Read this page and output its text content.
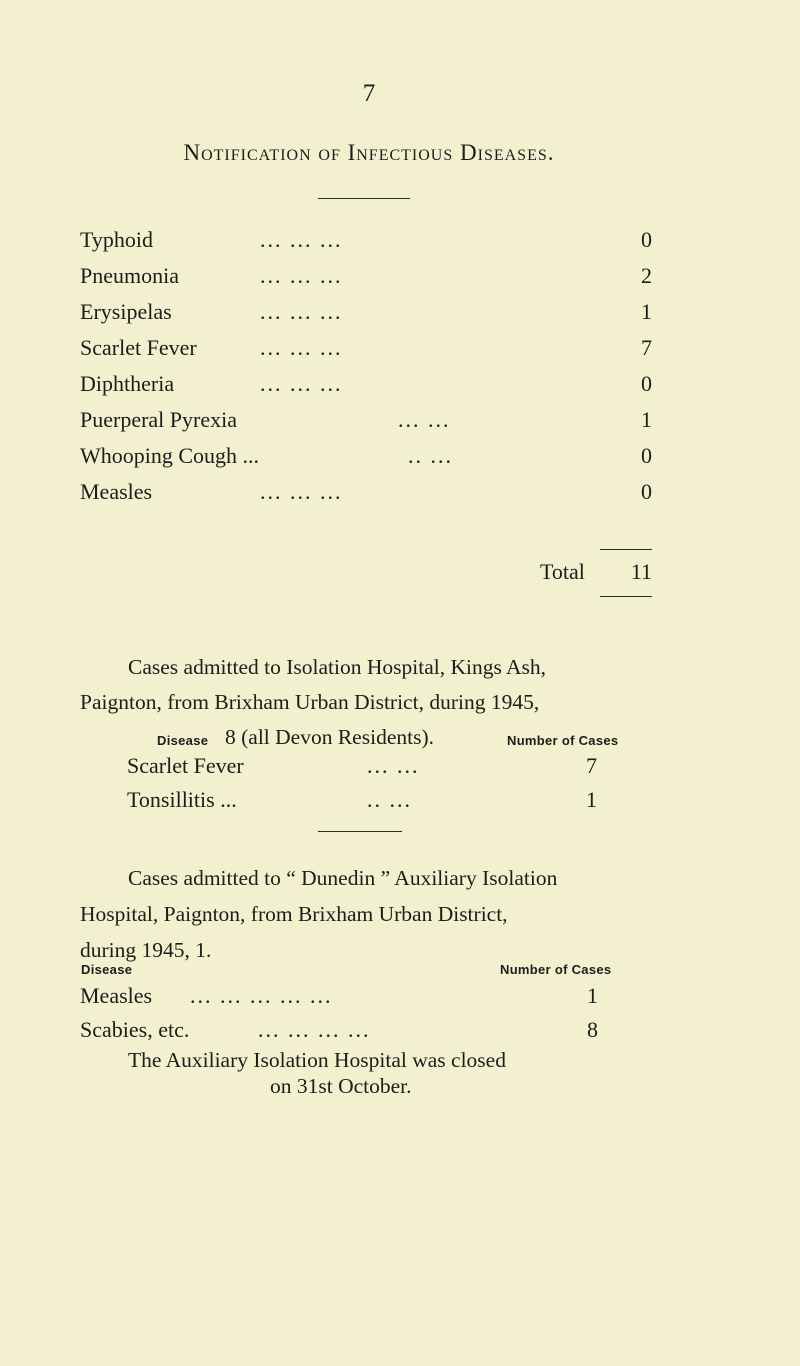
7
Notification of Infectious Diseases.
Typhoid	... ... ...	0
Pneumonia	... ... ...	2
Erysipelas	... ... ...	1
Scarlet Fever	... ... ...	7
Diphtheria	... ... ...	0
Puerperal Pyrexia	... ...	1
Whooping Cough ...	.. ...	0
Measles	... ... ...	0
Total 11
Cases admitted to Isolation Hospital, Kings Ash,
Paignton, from Brixham Urban District, during 1945,
8 (all Devon Residents).
Disease	Number of Cases
Scarlet Fever	... ...	7
Tonsillitis ...	.. ...	1
Cases admitted to “ Dunedin ” Auxiliary Isolation
Hospital, Paignton, from Brixham Urban District,
during 1945, 1.
Disease	Number of Cases
Measles ... ... ... ... ...	1
Scabies, etc.	... ... ... ...	8
The Auxiliary Isolation Hospital was closed
on 31st October.
